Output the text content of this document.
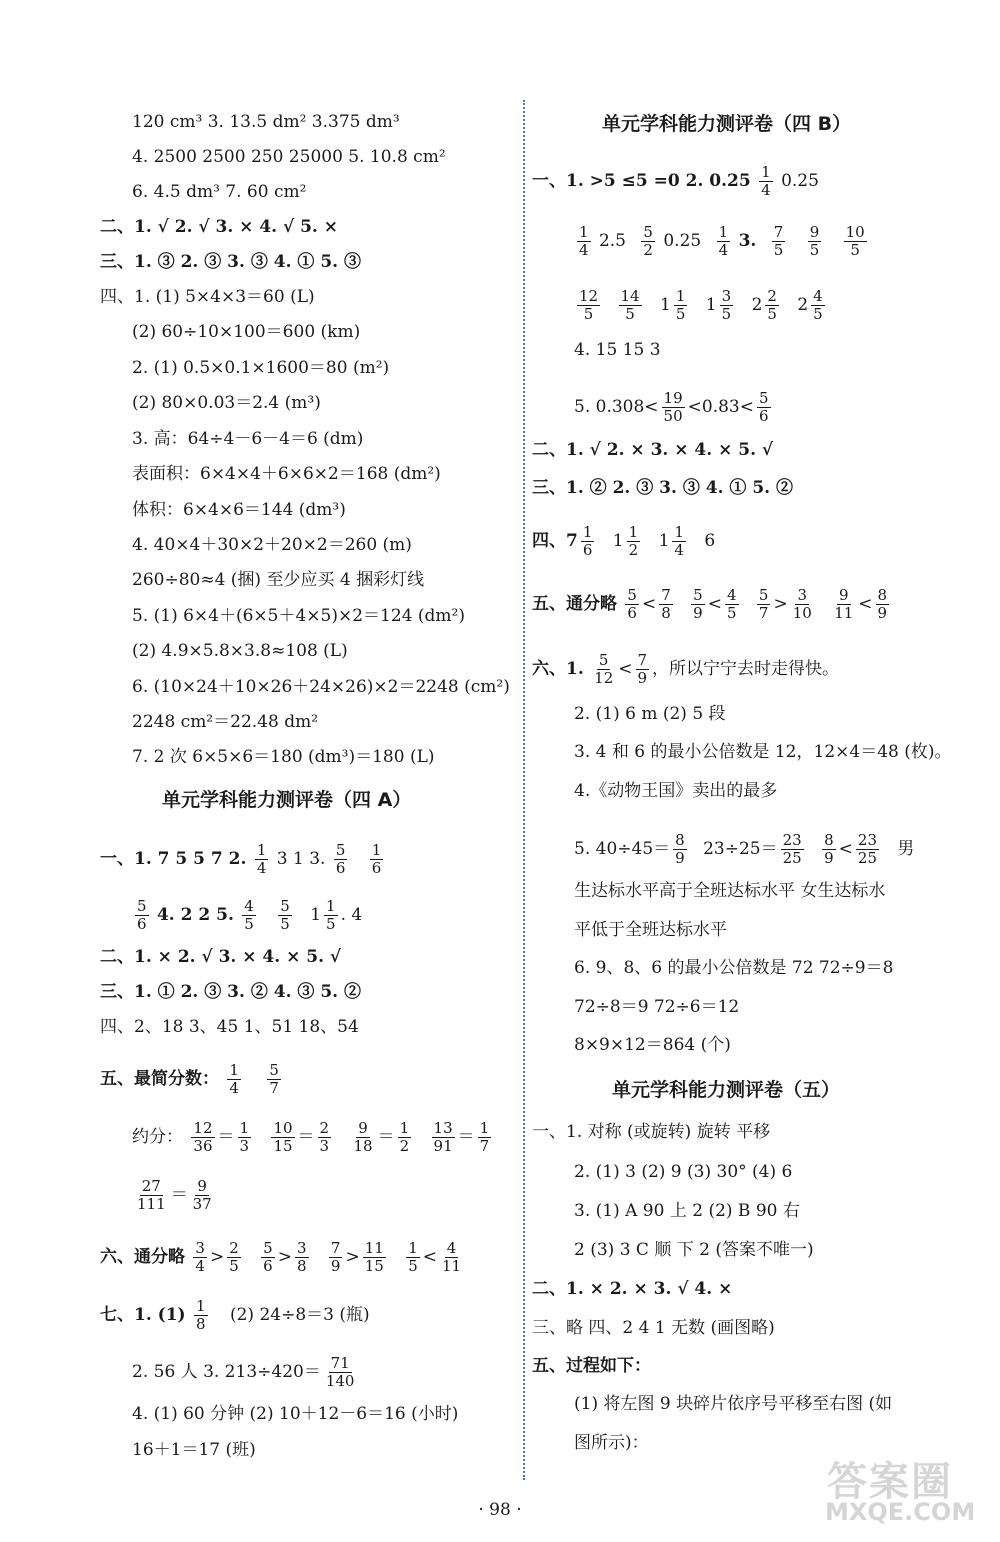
120 cm³ 3. 13.5 dm² 3.375 dm³
4. 2500 2500 250 25000 5. 10.8 cm²
6. 4.5 dm³ 7. 60 cm²
二、1. √ 2. √ 3. × 4. √ 5. ×
三、1. ③ 2. ③ 3. ③ 4. ① 5. ③
四、1. (1) 5×4×3＝60 (L)
(2) 60÷10×100＝600 (km)
2. (1) 0.5×0.1×1600＝80 (m²)
(2) 80×0.03＝2.4 (m³)
3. 高：64÷4－6－4＝6 (dm)
表面积：6×4×4＋6×6×2＝168 (dm²)
体积：6×4×6＝144 (dm³)
4. 40×4＋30×2＋20×2＝260 (m)
260÷80≈4 (捆) 至少应买 4 捆彩灯线
5. (1) 6×4＋(6×5＋4×5)×2＝124 (dm²)
(2) 4.9×5.8×3.8≈108 (L)
6. (10×24＋10×26＋24×26)×2＝2248 (cm²)
2248 cm²＝22.48 dm²
7. 2 次 6×5×6＝180 (dm³)＝180 (L)
单元学科能力测评卷（四 A）
一、1. 7 5 5 7 2. $\frac{1}{4} 3$ 1 3. $\frac{5}{6}$
$\frac{1}{6}$
$\frac{5}{6} 4$. 2 2 5. $\frac{4}{5}$
$\frac{5}{5} 1 \frac{1}{5}$ . 4
二、1. × 2. √ 3. × 4. × 5. √
三、1. ① 2. ③ 3. ② 4. ③ 5. ②
四、2、18 3、45 1、51 18、54
五、最简分数： $\frac{1}{4}$
$\frac{5}{7}$
约分： $\frac{12}{36} = \frac{1}{3}$
$\frac{10}{15} = \frac{2}{3}$
$\frac{9}{18} = \frac{1}{2}$
$\frac{13}{91} = \frac{1}{7}$
$\frac{27}{111} = \frac{9}{37}$
六、通分略 $\frac{3}{4} > \frac{2}{5}$
$\frac{5}{6} > \frac{3}{8}$
$\frac{7}{9} > \frac{11}{15}$
$\frac{1}{5} < \frac{4}{11}$
七、1. $(1) \frac{1}{8} (2)$ 24÷8＝3 (瓶)
2. 56 人 3. $213\div 420= \frac{71}{140}$
4. (1) 60 分钟 (2) 10＋12－6＝16 (小时)
16＋1＝17 (班)
单元学科能力测评卷（四 B）
一、1. >5 ≤5 =0 2. $0.25 \frac{1}{4} 0.25$
$\frac{1}{4} 2.5 \frac{5}{2} 0.25 \frac{1}{4} 3$. $\frac{7}{5}$
$\frac{9}{5}$
$\frac{10}{5}$
$\frac{12}{5}$
$\frac{14}{5} 1 \frac{1}{5} 1 \frac{3}{5} 2 \frac{2}{5} 2 \frac{4}{5}$
4. 15 15 3
5. $0.308< \frac{19}{50} <0.83< \frac{5}{6}$
二、1. √ 2. × 3. × 4. × 5. √
三、1. ② 2. ③ 3. ③ 4. ① 5. ②
四、$7 \frac{1}{6} 1 \frac{1}{2} 1 \frac{1}{4} 6$
五、通分略 $\frac{5}{6} < \frac{7}{8}$
$\frac{5}{9} < \frac{4}{5}$
$\frac{5}{7} > \frac{3}{10}$
$\frac{9}{11} < \frac{8}{9}$
六、1. $\frac{5}{12} < \frac{7}{9}$ ，所以宁宁去时走得快。
2. (1) 6 m (2) 5 段
3. 4 和 6 的最小公倍数是 12，12×4＝48 (枚)。
4.《动物王国》卖出的最多
5. $40\div 45= \frac{8}{9} 23\div 25= \frac{23}{25}$
$\frac{8}{9} < \frac{23}{25}$ 男
生达标水平高于全班达标水平 女生达标水
平低于全班达标水平
6. 9、8、6 的最小公倍数是 72 72÷9＝8
72÷8＝9 72÷6＝12
8×9×12＝864 (个)
单元学科能力测评卷（五）
一、1. 对称 (或旋转) 旋转 平移
2. (1) 3 (2) 9 (3) 30° (4) 6
3. (1) A 90 上 2 (2) B 90 右
2 (3) 3 C 顺 下 2 (答案不唯一)
二、1. × 2. × 3. √ 4. ×
三、略 四、2 4 1 无数 (画图略)
五、过程如下：
(1) 将左图 9 块碎片依序号平移至右图 (如
图所示)：
· 98 ·
答案圈
MXQE.COM
